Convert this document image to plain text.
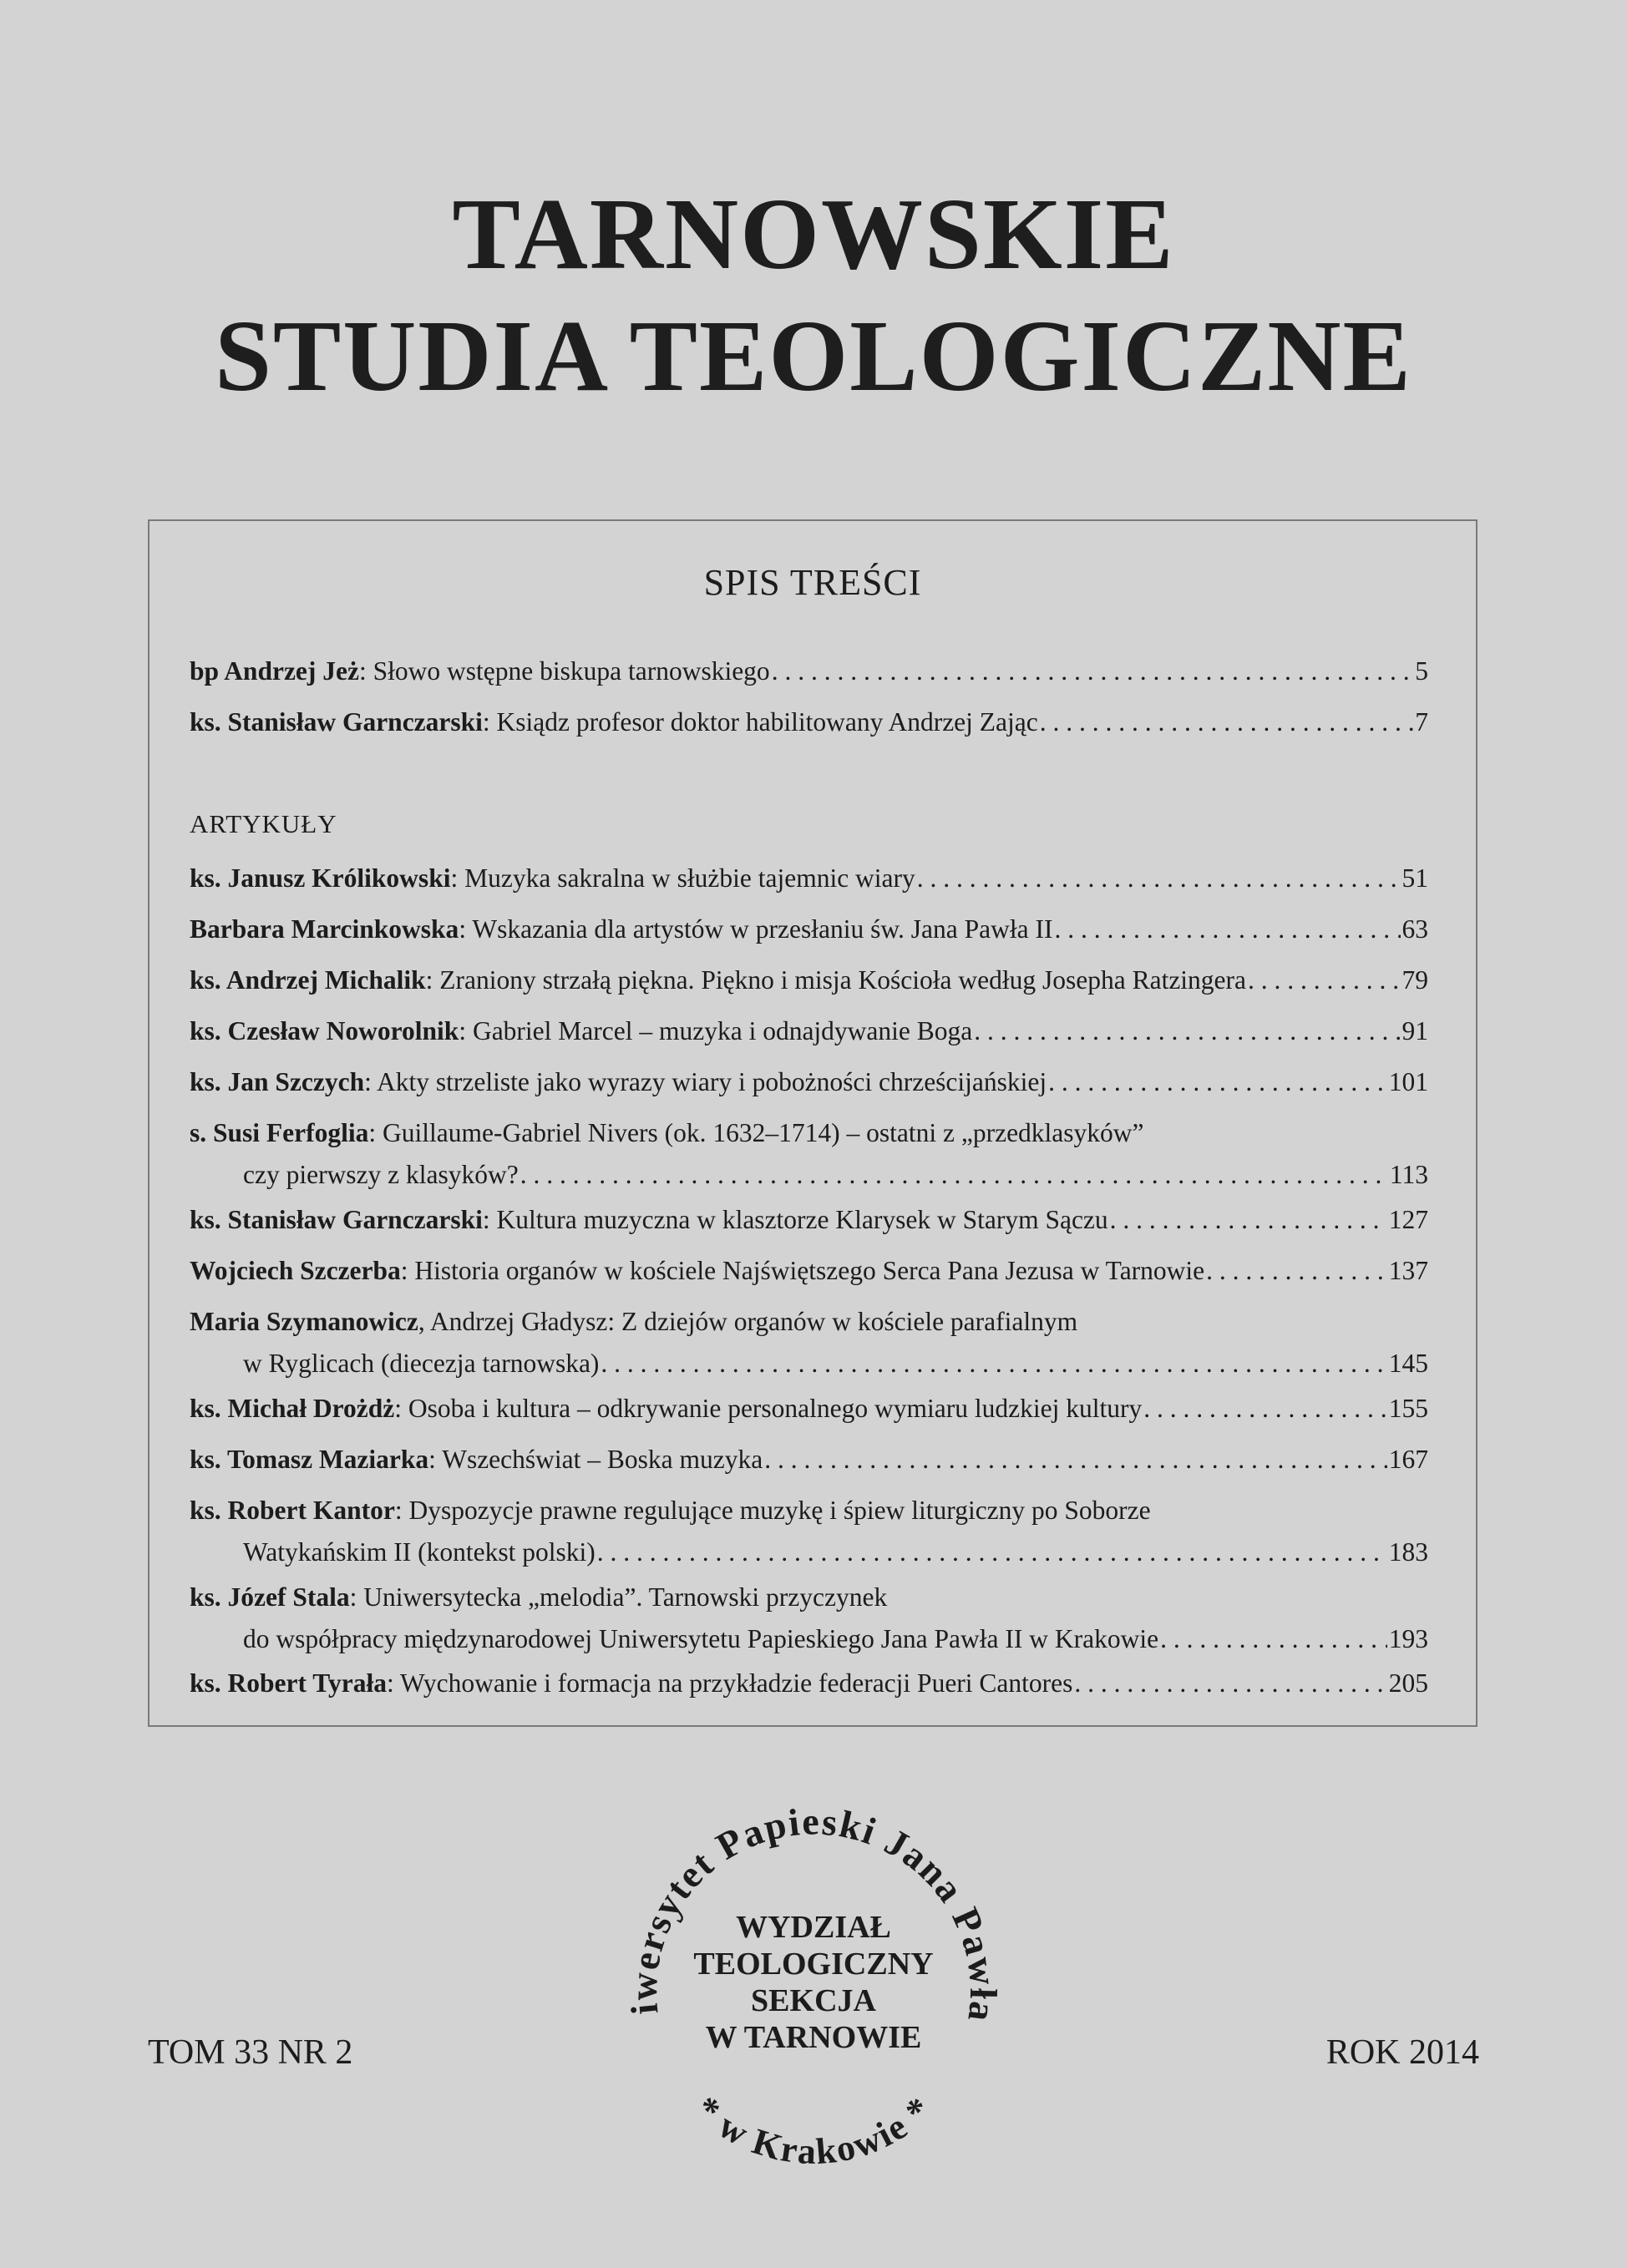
TARNOWSKIE
STUDIA TEOLOGICZNE
SPIS TREŚCI
bp Andrzej Jeż: Słowo wstępne biskupa tarnowskiego . . .	5
ks. Stanisław Garnczarski: Ksiądz profesor doktor habilitowany Andrzej Zając . . .	7
ARTYKUŁY
ks. Janusz Królikowski: Muzyka sakralna w służbie tajemnic wiary . . .	51
Barbara Marcinkowska: Wskazania dla artystów w przesłaniu św. Jana Pawła II . . .	63
ks. Andrzej Michalik: Zraniony strzałą piękna. Piękno i misja Kościoła według Josepha Ratzingera . . .	79
ks. Czesław Noworolnik: Gabriel Marcel – muzyka i odnajdywanie Boga . . .	91
ks. Jan Szczych: Akty strzeliste jako wyrazy wiary i pobożności chrześcijańskiej . . .	101
s. Susi Ferfoglia: Guillaume-Gabriel Nivers (ok. 1632–1714) – ostatni z „przedklasyków”
czy pierwszy z klasyków? . . .	113
ks. Stanisław Garnczarski: Kultura muzyczna w klasztorze Klarysek w Starym Sączu . . .	127
Wojciech Szczerba: Historia organów w kościele Najświętszego Serca Pana Jezusa w Tarnowie . . .	137
Maria Szymanowicz, Andrzej Gładysz: Z dziejów organów w kościele parafialnym
w Ryglicach (diecezja tarnowska) . . .	145
ks. Michał Drożdż: Osoba i kultura – odkrywanie personalnego wymiaru ludzkiej kultury . . .	155
ks. Tomasz Maziarka: Wszechświat – Boska muzyka . . .	167
ks. Robert Kantor: Dyspozycje prawne regulujące muzykę i śpiew liturgiczny po Soborze
Watykańskim II (kontekst polski) . . .	183
ks. Józef Stala: Uniwersytecka „melodia”. Tarnowski przyczynek
do współpracy międzynarodowej Uniwersytetu Papieskiego Jana Pawła II w Krakowie . . .	193
ks. Robert Tyrała: Wychowanie i formacja na przykładzie federacji Pueri Cantores . . .	205
TOM 33 NR 2	ROK 2014
iwersytet Papieski Jana Pawła
* w Krakowie *
WYDZIAŁ
TEOLOGICZNY
SEKCJA
W TARNOWIE
